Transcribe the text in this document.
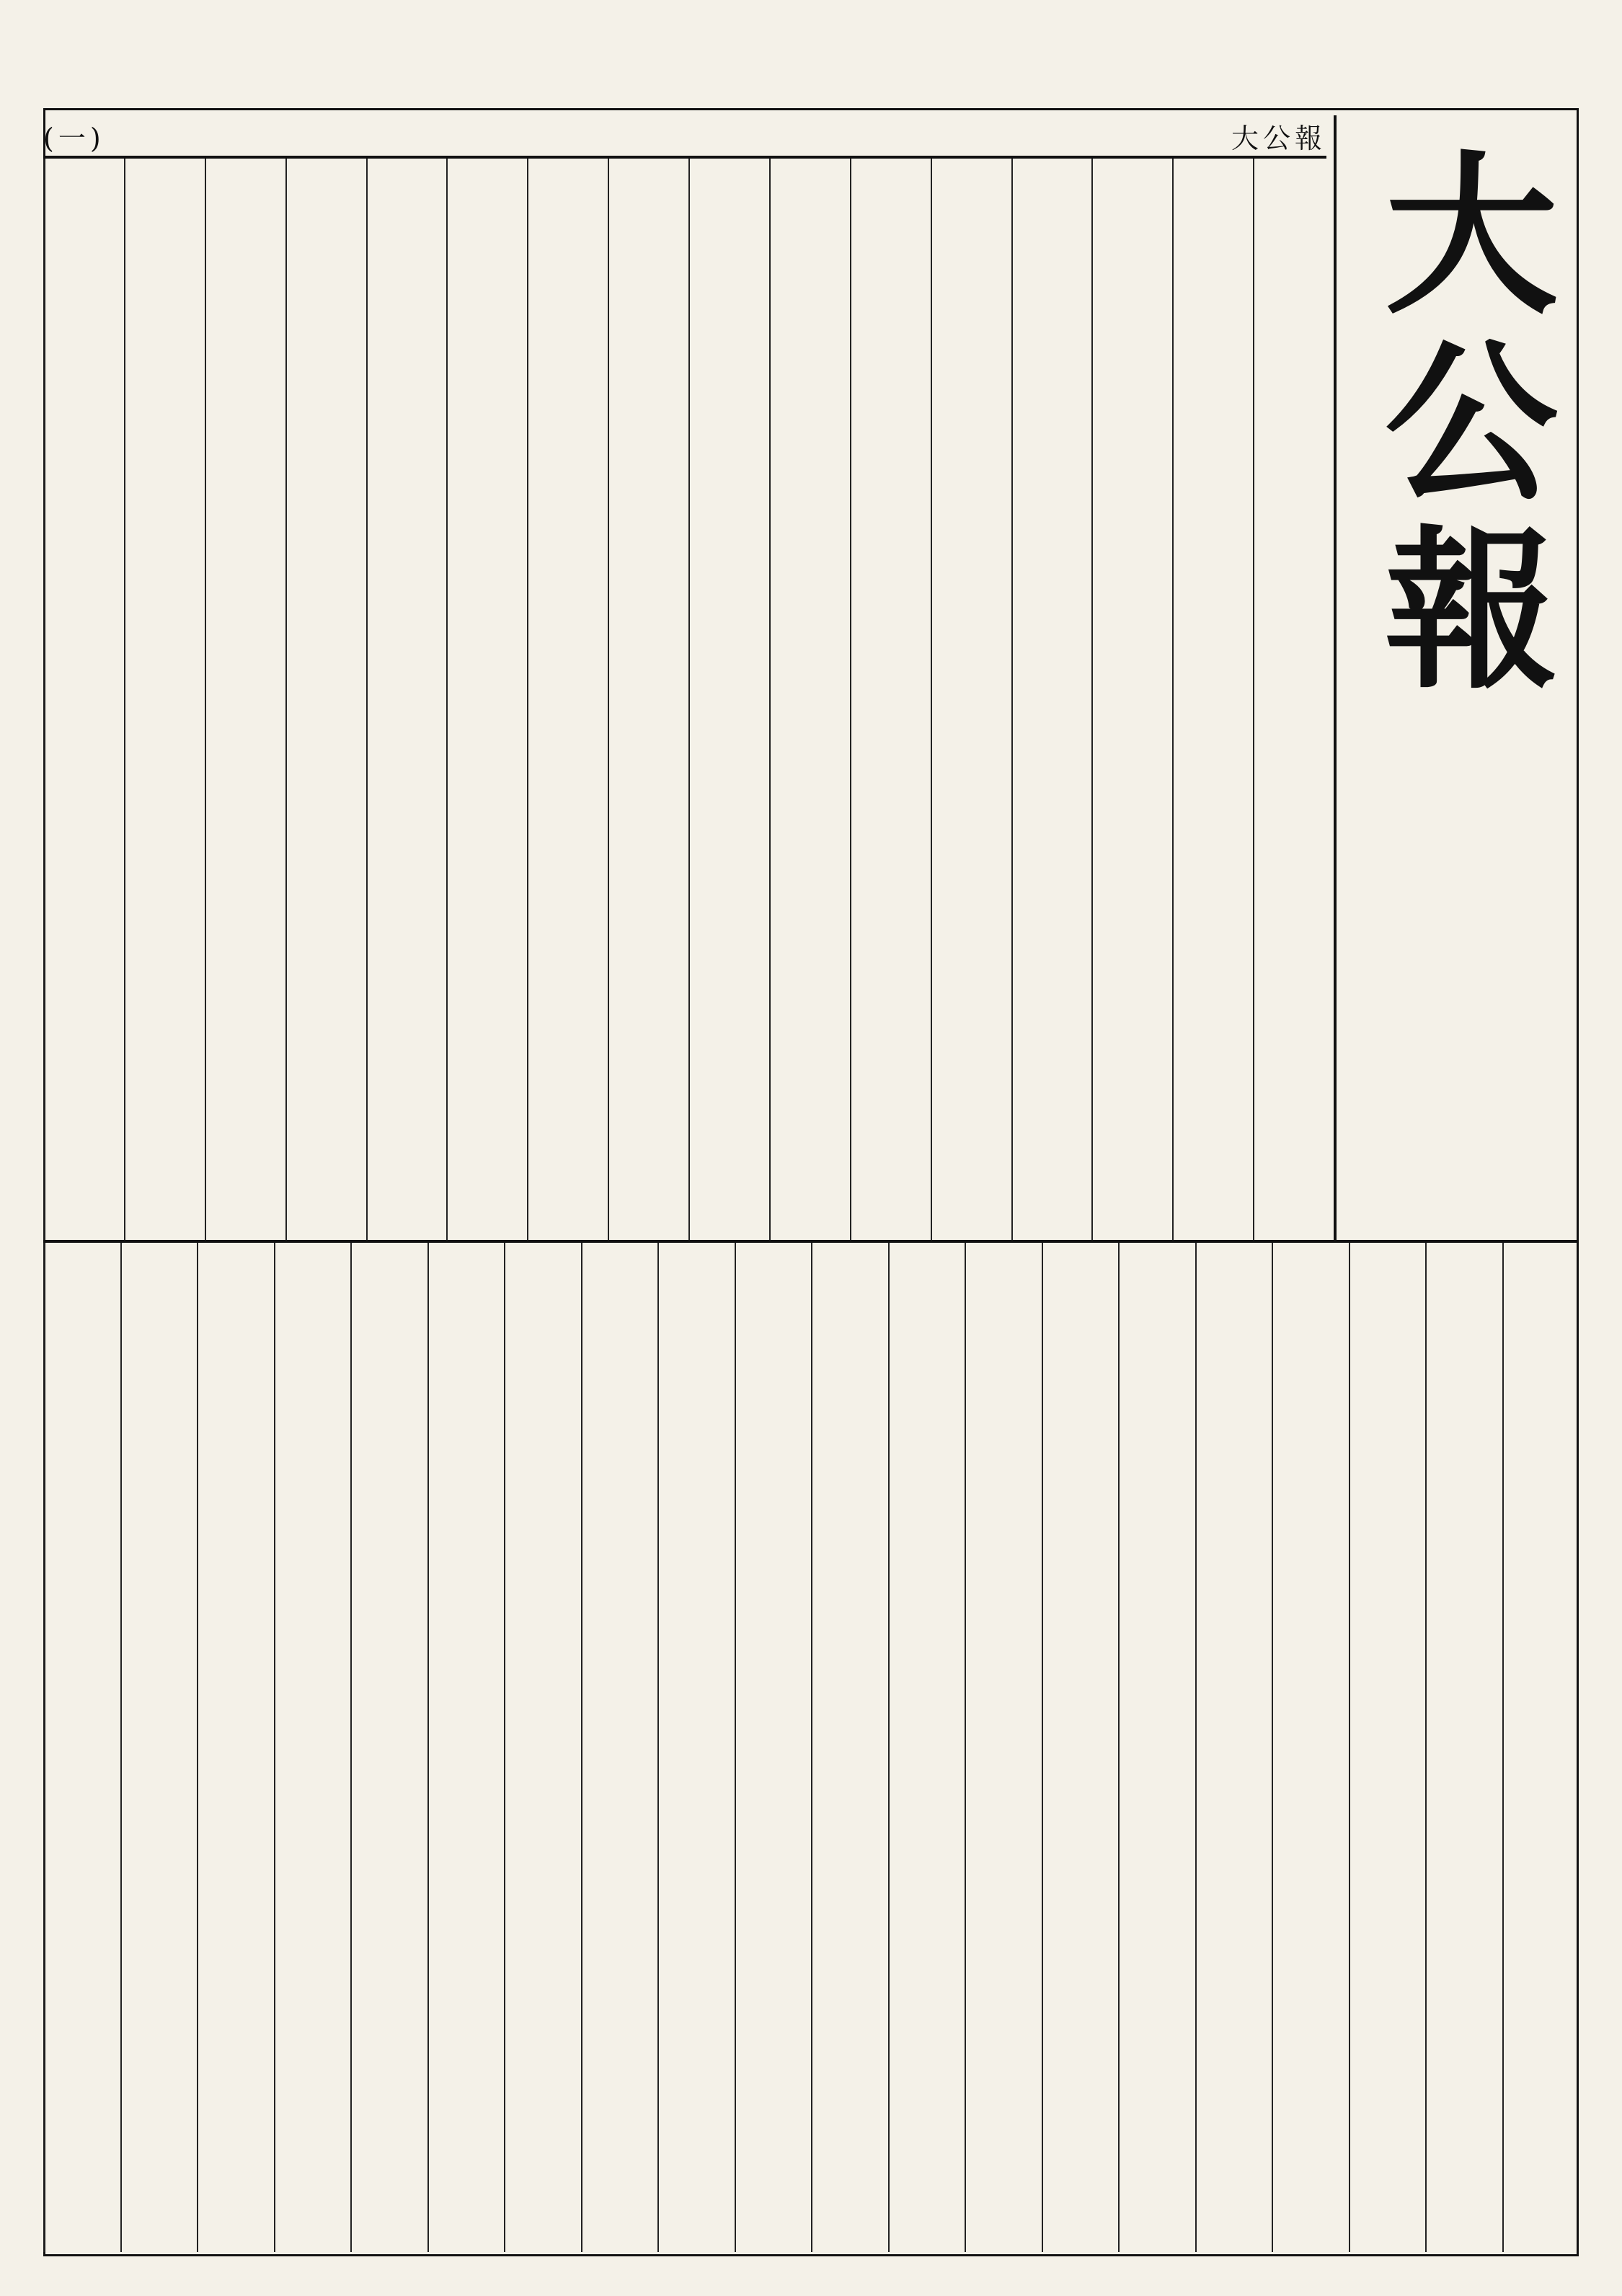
(一)	大公報
大公報
